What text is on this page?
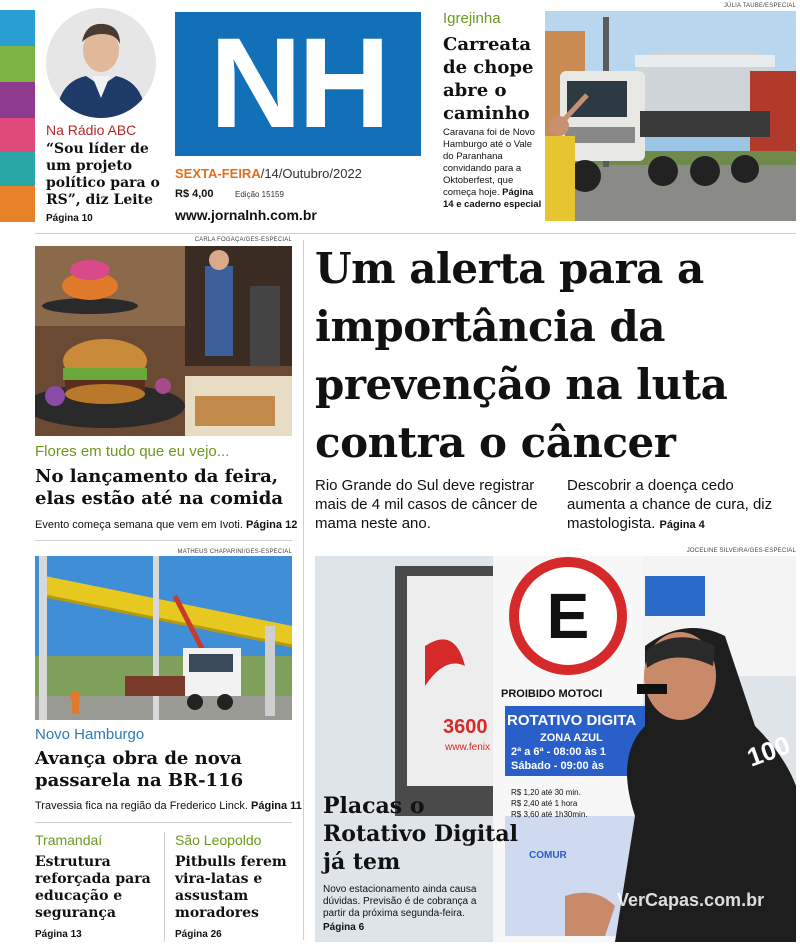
Na Rádio ABC
“Sou líder de um projeto político para o RS”, diz Leite
Página 10
NH
SEXTA-FEIRA/14/Outubro/2022
R$ 4,00	Edição 15159
www.jornalnh.com.br
Igrejinha
Carreata de chope abre o caminho
Caravana foi de Novo Hamburgo até o Vale do Paranhana convidando para a Oktoberfest, que começa hoje. Página 14 e caderno especial
JÚLIA TAUBE/ESPECIAL
CARLA FOGAÇA/GES-ESPECIAL
Flores em tudo que eu vejo...
No lançamento da feira, elas estão até na comida
Evento começa semana que vem em Ivoti. Página 12
MATHEUS CHAPARINI/GES-ESPECIAL
Novo Hamburgo
Avança obra de nova passarela na BR-116
Travessia fica na região da Frederico Linck. Página 11
Tramandaí
Estrutura reforçada para educação e segurança
Página 13
São Leopoldo
Pitbulls ferem vira-latas e assustam moradores
Página 26
Um alerta para a importância da prevenção na luta contra o câncer
Rio Grande do Sul deve registrar mais de 4 mil casos de câncer de mama neste ano.
Descobrir a doença cedo aumenta a chance de cura, diz mastologista. Página 4
JOCELINE SILVEIRA/GES-ESPECIAL
E
PROIBIDO MOTOCI
ROTATIVO DIGITA
ZONA AZUL
2ª a 6ª - 08:00 às 1
Sábado - 09:00 às
R$ 1,20 até 30 min.
R$ 2,40 até 1 hora
R$ 3,60 até 1h30min.
COMUR
3600
www.fenix	100
Placas o Rotativo Digital já tem
Novo estacionamento ainda causa dúvidas. Previsão é de cobrança a partir da próxima segunda-feira.
Página 6
VerCapas.com.br
